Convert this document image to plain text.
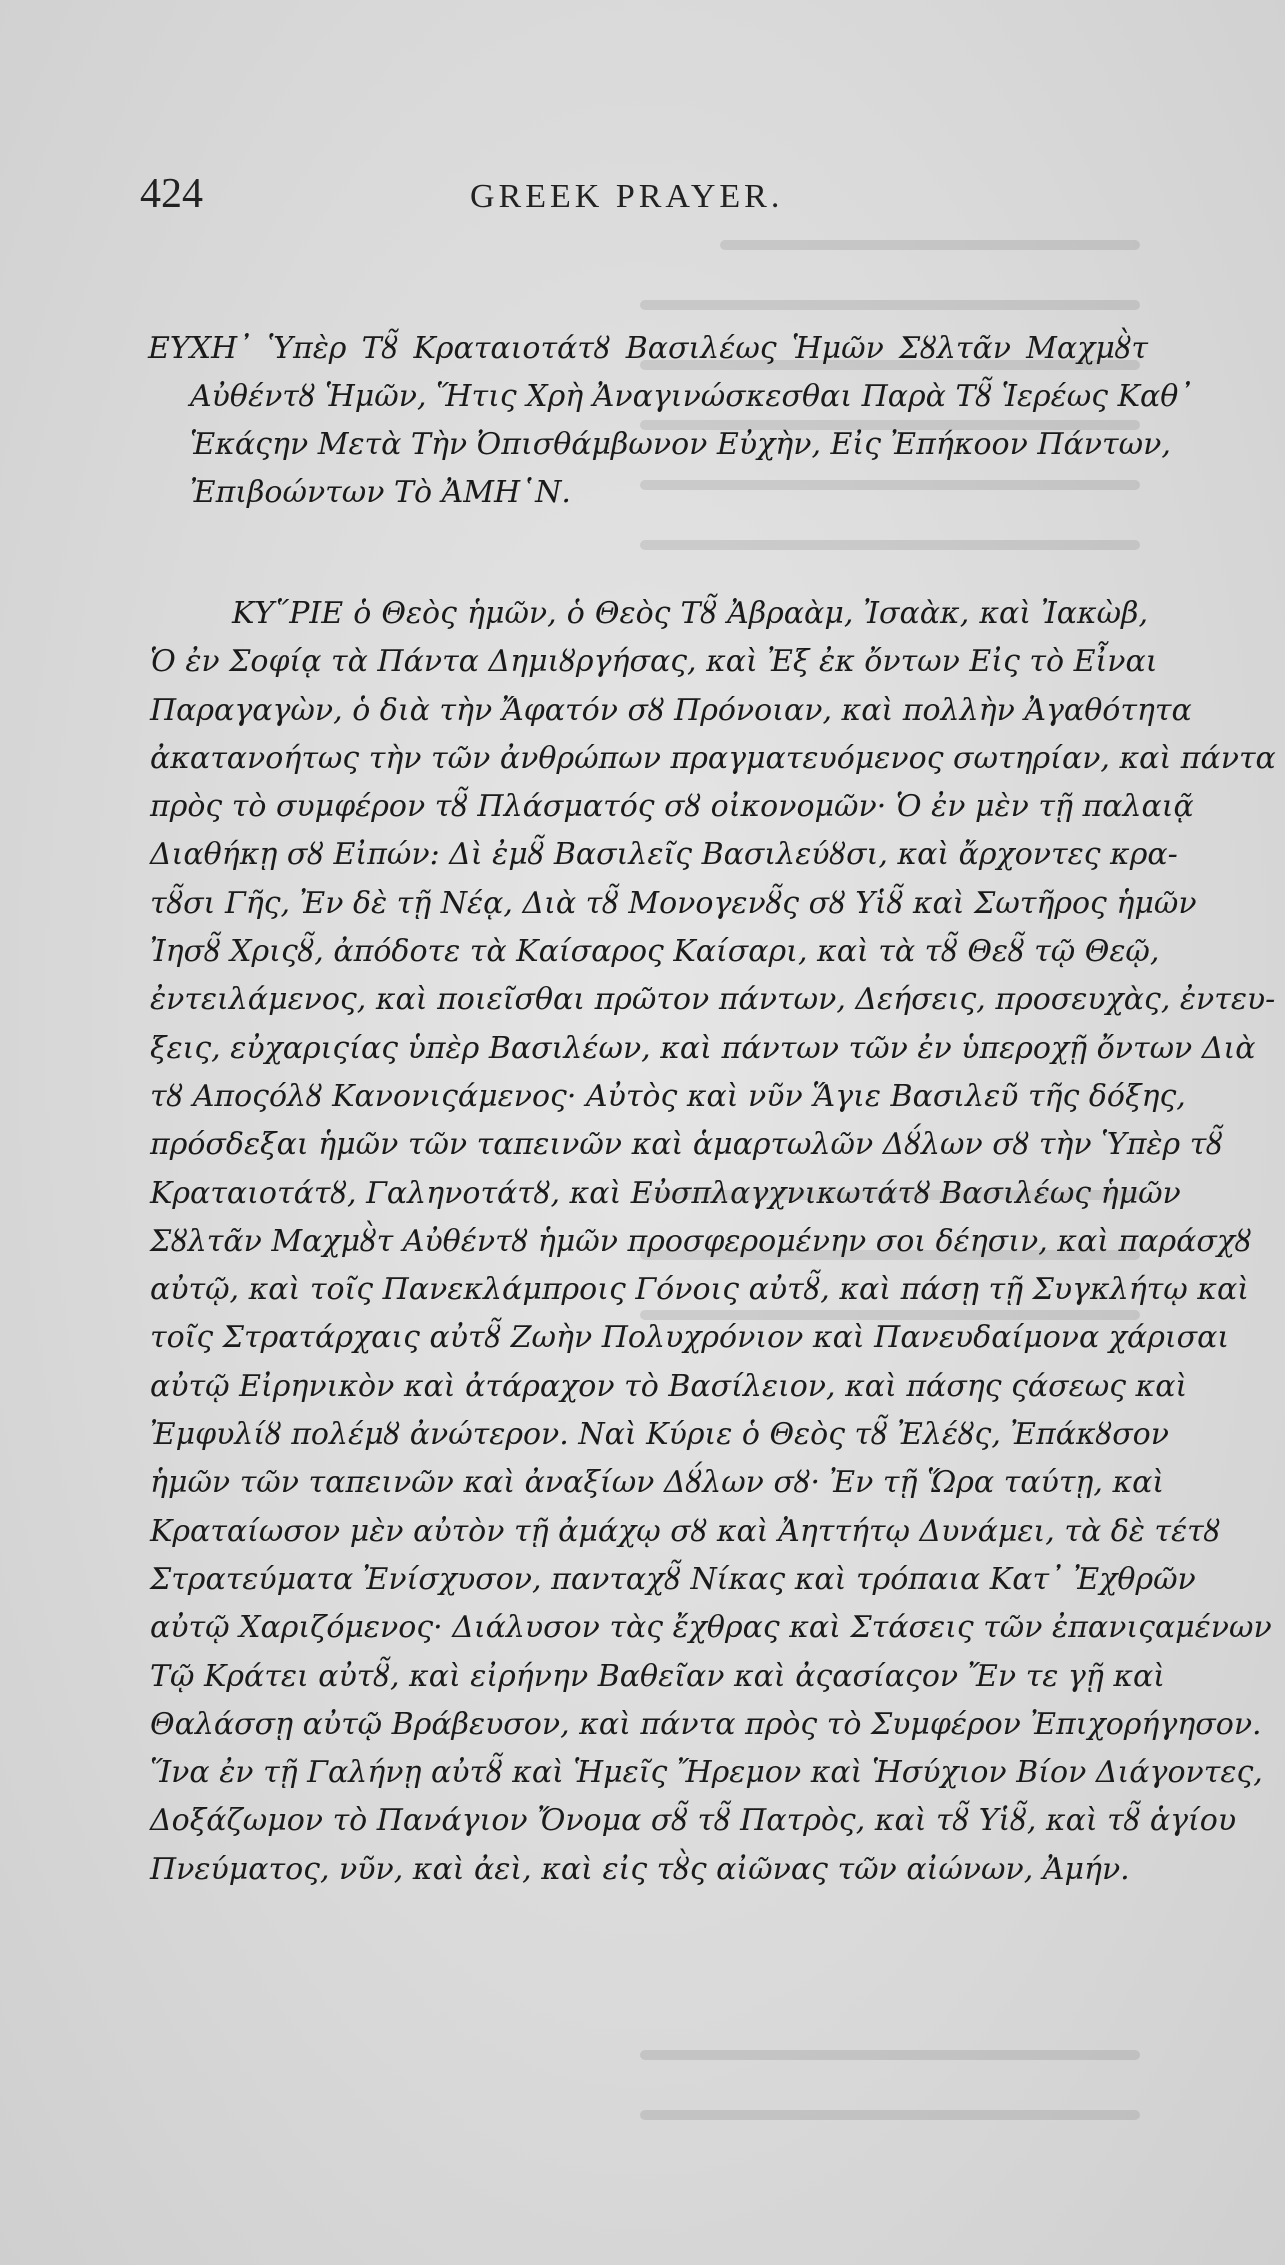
424	GREEK PRAYER.
ΕΥΧΗ᾽ Ὑπὲρ Τȣ̃ Κραταιοτάτȣ Βασιλέως Ἡμῶν Σȣλτᾶν Μαχμȣ̀τ
Αὐθέντȣ Ἡμῶν, Ἥτις Χρὴ Ἀναγινώσκεσθαι Παρὰ Τȣ̃ Ἱερέως Καθ᾽
Ἑκάςην Μετὰ Τὴν Ὀπισθάμβωνον Εὐχὴν, Εἰς Ἐπήκοον Πάντων,
Ἐπιβοώντων Τὸ ἈΜΗ῾Ν.
ΚΥ῞ΡΙΕ ὁ Θεὸς ἡμῶν, ὁ Θεὸς Τȣ̃ Ἀβραὰμ, Ἰσαὰκ, καὶ Ἰακὼβ,
Ὁ ἐν Σοφίᾳ τὰ Πάντα Δημιȣργήσας, καὶ Ἐξ ἐκ ὄντων Εἰς τὸ Εἶναι
Παραγαγὼν, ὁ διὰ τὴν Ἄφατόν σȣ Πρόνοιαν, καὶ πολλὴν Ἀγαθότητα
ἀκατανοήτως τὴν τῶν ἀνθρώπων πραγματευόμενος σωτηρίαν, καὶ πάντα
πρὸς τὸ συμφέρον τȣ̃ Πλάσματός σȣ οἰκονομῶν· Ὁ ἐν μὲν τῇ παλαιᾷ
Διαθήκῃ σȣ Εἰπών: Δὶ ἐμȣ̃ Βασιλεῖς Βασιλεύȣσι, καὶ ἄρχοντες κρα-
τȣ̃σι Γῆς, Ἐν δὲ τῇ Νέᾳ, Διὰ τȣ̃ Μονογενȣ̃ς σȣ Υἱȣ̃ καὶ Σωτῆρος ἡμῶν
Ἰησȣ̃ Χριςȣ̃, ἀπόδοτε τὰ Καίσαρος Καίσαρι, καὶ τὰ τȣ̃ Θεȣ̃ τῷ Θεῷ,
ἐντειλάμενος, καὶ ποιεῖσθαι πρῶτον πάντων, Δεήσεις, προσευχὰς, ἐντευ-
ξεις, εὐχαριςίας ὑπὲρ Βασιλέων, καὶ πάντων τῶν ἐν ὑπεροχῇ ὄντων Διὰ
τȣ Αποςόλȣ Κανονιςάμενος· Αὐτὸς καὶ νῦν Ἅγιε Βασιλεῦ τῆς δόξης,
πρόσδεξαι ἡμῶν τῶν ταπεινῶν καὶ ἁμαρτωλῶν Δȣ́λων σȣ τὴν Ὑπὲρ τȣ̃
Κραταιοτάτȣ, Γαληνοτάτȣ, καὶ Εὐσπλαγχνικωτάτȣ Βασιλέως ἡμῶν
Σȣλτᾶν Μαχμȣ̀τ Αὐθέντȣ ἡμῶν προσφερομένην σοι δέησιν, καὶ παράσχȣ
αὐτῷ, καὶ τοῖς Πανεκλάμπροις Γόνοις αὐτȣ̃, καὶ πάσῃ τῇ Συγκλήτῳ καὶ
τοῖς Στρατάρχαις αὐτȣ̃ Ζωὴν Πολυχρόνιον καὶ Πανευδαίμονα χάρισαι
αὐτῷ Εἰρηνικὸν καὶ ἀτάραχον τὸ Βασίλειον, καὶ πάσης ςάσεως καὶ
Ἐμφυλίȣ πολέμȣ ἀνώτερον. Ναὶ Κύριε ὁ Θεὸς τȣ̃ Ἐλέȣς, Ἐπάκȣσον
ἡμῶν τῶν ταπεινῶν καὶ ἀναξίων Δȣ́λων σȣ· Ἐν τῇ Ὥρα ταύτῃ, καὶ
Κραταίωσον μὲν αὐτὸν τῇ ἀμάχῳ σȣ καὶ Ἀηττήτῳ Δυνάμει, τὰ δὲ τέτȣ
Στρατεύματα Ἐνίσχυσον, πανταχȣ̃ Νίκας καὶ τρόπαια Κατ᾽ Ἐχθρῶν
αὐτῷ Χαριζόμενος· Διάλυσον τὰς ἔχθρας καὶ Στάσεις τῶν ἐπανιςαμένων
Τῷ Κράτει αὐτȣ̃, καὶ εἰρήνην Βαθεῖαν καὶ ἀςασίαςον Ἔν τε γῇ καὶ
Θαλάσσῃ αὐτῷ Βράβευσον, καὶ πάντα πρὸς τὸ Συμφέρον Ἐπιχορήγησον.
Ἵνα ἐν τῇ Γαλήνῃ αὐτȣ̃ καὶ Ἡμεῖς Ἤρεμον καὶ Ἡσύχιον Βίον Διάγοντες,
Δοξάζωμον τὸ Πανάγιον Ὄνομα σȣ̃ τȣ̃ Πατρὸς, καὶ τȣ̃ Υἱȣ̃, καὶ τȣ̃ ἁγίου
Πνεύματος, νῦν, καὶ ἀεὶ, καὶ εἰς τȣ̀ς αἰῶνας τῶν αἰώνων, Ἀμήν.
